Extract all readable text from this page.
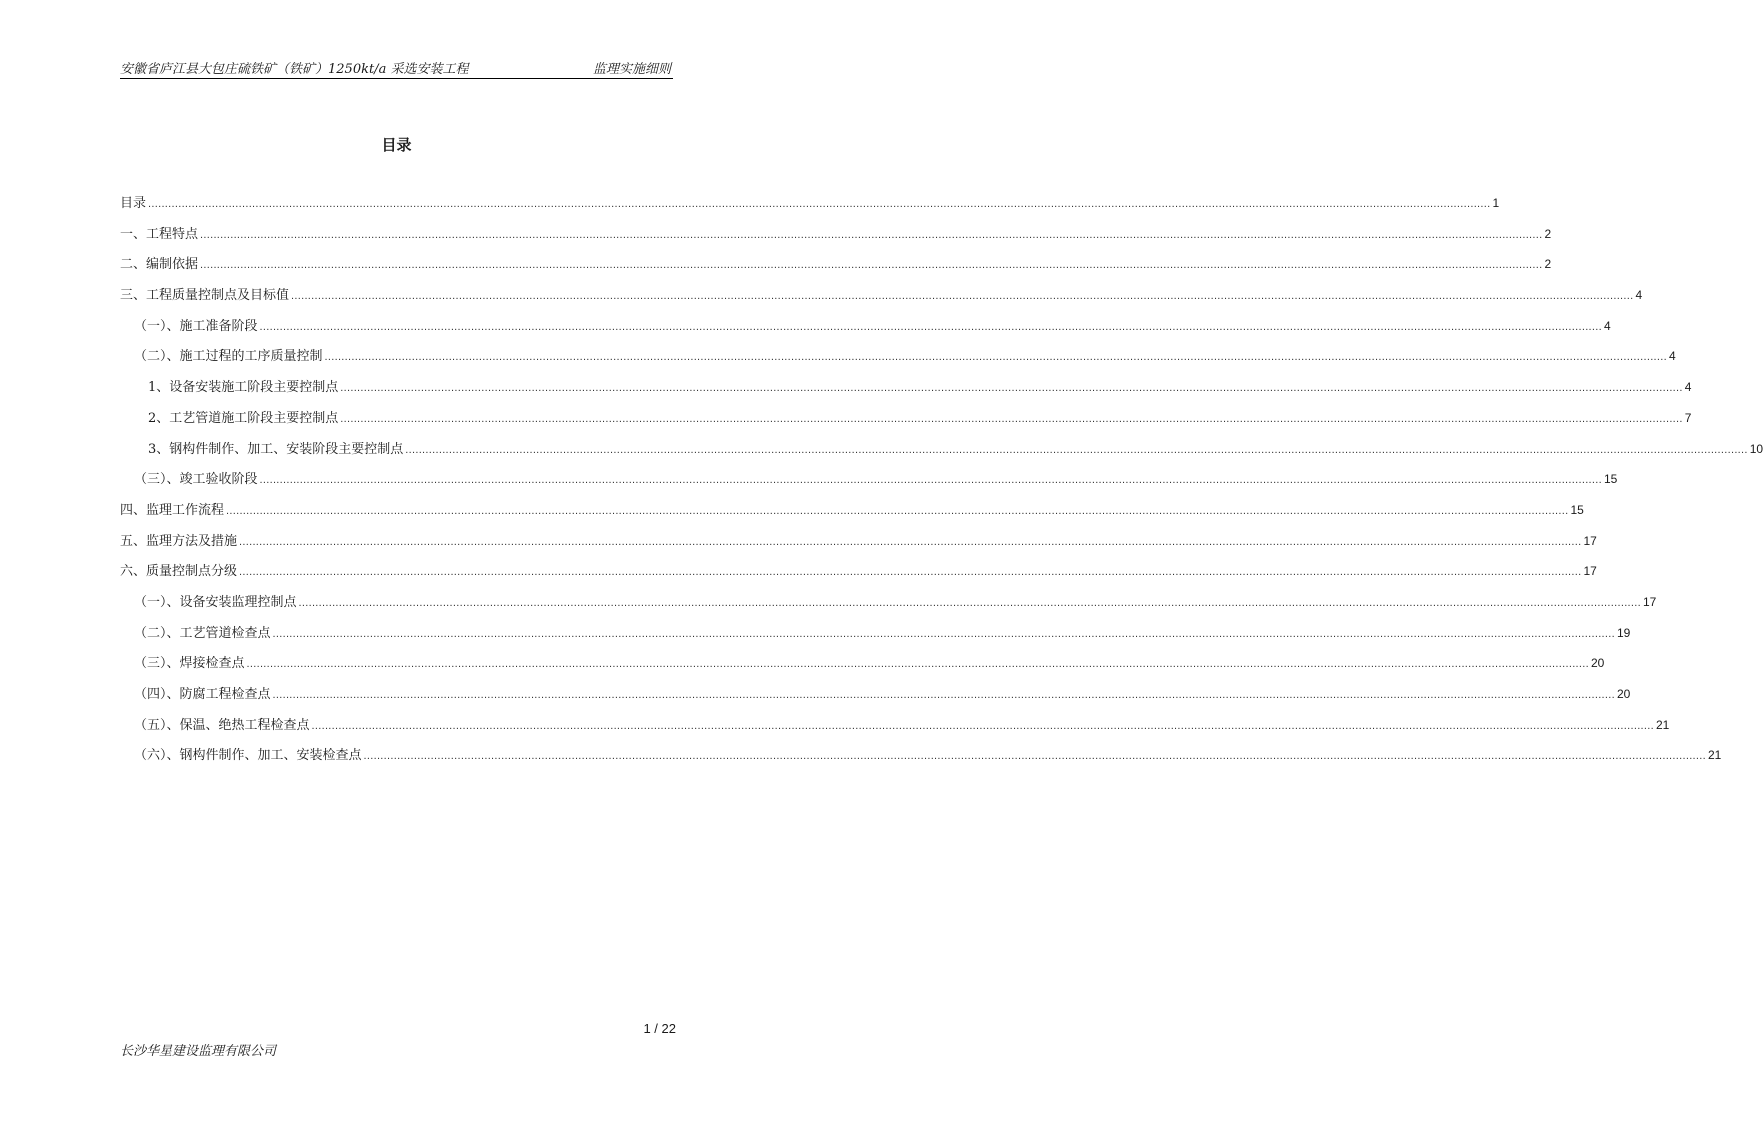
安徽省庐江县大包庄硫铁矿（铁矿）1250kt/a 采选安装工程	监理实施细则
目录
目录 ................................................................................................................................................................................................................................................................................................................................................................................................................ 1
一、工程特点 ................................................................................................................................................................................................................................................................................................................................................................................................................ 2
二、编制依据 ................................................................................................................................................................................................................................................................................................................................................................................................................ 2
三、工程质量控制点及目标值 ................................................................................................................................................................................................................................................................................................................................................................................................................ 4
（一）、施工准备阶段 ................................................................................................................................................................................................................................................................................................................................................................................................................ 4
（二）、施工过程的工序质量控制 ................................................................................................................................................................................................................................................................................................................................................................................................................ 4
1、设备安装施工阶段主要控制点 ................................................................................................................................................................................................................................................................................................................................................................................................................ 4
2、工艺管道施工阶段主要控制点 ................................................................................................................................................................................................................................................................................................................................................................................................................ 7
3、钢构件制作、加工、安装阶段主要控制点 ................................................................................................................................................................................................................................................................................................................................................................................................................ 10
（三）、竣工验收阶段 ................................................................................................................................................................................................................................................................................................................................................................................................................ 15
四、监理工作流程 ................................................................................................................................................................................................................................................................................................................................................................................................................ 15
五、监理方法及措施 ................................................................................................................................................................................................................................................................................................................................................................................................................ 17
六、质量控制点分级 ................................................................................................................................................................................................................................................................................................................................................................................................................ 17
（一）、设备安装监理控制点 ................................................................................................................................................................................................................................................................................................................................................................................................................ 17
（二）、工艺管道检查点 ................................................................................................................................................................................................................................................................................................................................................................................................................ 19
（三）、焊接检查点 ................................................................................................................................................................................................................................................................................................................................................................................................................ 20
（四）、防腐工程检查点 ................................................................................................................................................................................................................................................................................................................................................................................................................ 20
（五）、保温、绝热工程检查点 ................................................................................................................................................................................................................................................................................................................................................................................................................ 21
（六）、钢构件制作、加工、安装检查点 ................................................................................................................................................................................................................................................................................................................................................................................................................ 21
1 / 22
长沙华星建设监理有限公司
